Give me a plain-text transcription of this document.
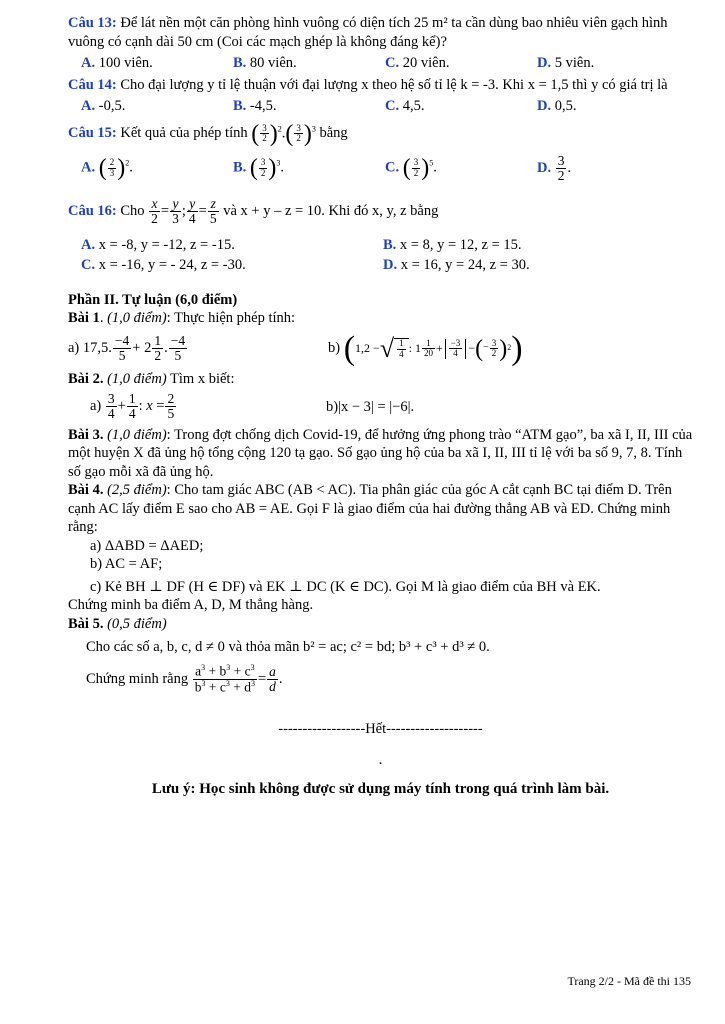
Câu 13: Để lát nền một căn phòng hình vuông có diện tích 25 m² ta cần dùng bao nhiêu viên gạch hình vuông có cạnh dài 50 cm (Coi các mạch ghép là không đáng kể)?

A. 100 viên.	B. 80 viên.	C. 20 viên.	D. 5 viên.

Câu 14: Cho đại lượng y tỉ lệ thuận với đại lượng x theo hệ số tỉ lệ k = -3. Khi x = 1,5 thì y có giá trị là

A. -0,5.	B. -4,5.	C. 4,5.	D. 0,5.
Câu 15:
Kết quả của phép tính
( $\frac{3}{2} )^2.( \frac{3}{2} )^3$
bằng
A. ( $\frac{2}{3} )^2$.	B. ( $\frac{3}{2} )^3$.	C. ( $\frac{3}{2} )^5$.	D. $\frac{3}{2}$ .
Câu 16:
Cho
$\frac{x}{2} = \frac{y}{3}$ ; $\frac{y}{4} = \frac{z}{5}$
và x + y – z = 10. Khi đó x, y, z bằng
A. x = -8, y = -12, z = -15.	B. x = 8, y = 12, z = 15.
C. x = -16, y = - 24, z = -30.	D. x = 16, y = 24, z = 30.

Phần II. Tự luận (6,0 điểm)

Bài 1. (1,0 điểm): Thực hiện phép tính:

a) 17,5. $\frac{-4}{5} + 2 \frac{1}{2}$ . $\frac{-4}{5}$	b)
( 1,2 − √ $\frac{1}{4}$ : $1 \frac{1}{20} + \frac{-3}{4}$ − ( − $\frac{3}{2}$ ) 2 )

Bài 2. (1,0 điểm) Tìm x biết:

$a) \frac{3}{4} + \frac{1}{4}$ : $x = \frac{2}{5}$	b)|x − 3| = |−6|.

Bài 3. (1,0 điểm): Trong đợt chống dịch Covid-19, để hưởng ứng phong trào “ATM gạo”, ba xã I, II, III của một huyện X đã ủng hộ tổng cộng 120 tạ gạo. Số gạo ủng hộ của ba xã I, II, III tỉ lệ với ba số 9, 7, 8. Tính số gạo mỗi xã đã ủng hộ.

Bài 4. (2,5 điểm): Cho tam giác ABC (AB < AC). Tia phân giác của góc A cắt cạnh BC tại điểm D. Trên cạnh AC lấy điểm E sao cho AB = AE. Gọi F là giao điểm của hai đường thẳng AB và ED. Chứng minh rằng:

a) ΔABD = ΔAED;

b) AC = AF;

c) Kẻ BH ⊥ DF (H ∈ DF) và EK ⊥ DC (K ∈ DC). Gọi M là giao điểm của BH và EK.

Chứng minh ba điểm A, D, M thẳng hàng.

Bài 5. (0,5 điểm)

Cho các số a, b, c, d ≠ 0 và thỏa mãn b² = ac; c² = bd; b³ + c³ + d³ ≠ 0.

Chứng minh rằng
$\frac{a^3 + b^3 + c^3}{b^3 + c^3 + d^3} = \frac{a}{d}$ .

------------------Hết--------------------

.

Lưu ý: Học sinh không được sử dụng máy tính trong quá trình làm bài.

Trang 2/2 - Mã đề thi 135
